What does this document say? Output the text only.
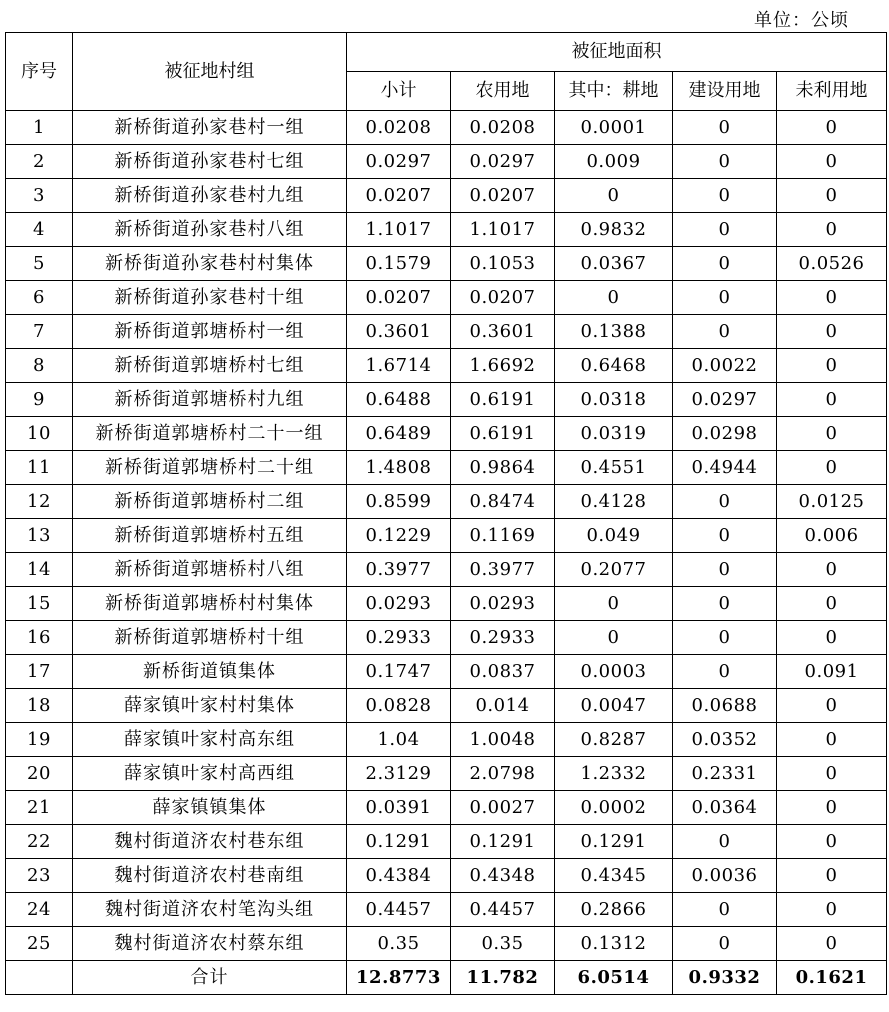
单位：公顷
序号	被征地村组	被征地面积				
		小计	农用地	其中：耕地	建设用地	未利用地
1	新桥街道孙家巷村一组	0.0208	0.0208	0.0001	0	0
2	新桥街道孙家巷村七组	0.0297	0.0297	0.009	0	0
3	新桥街道孙家巷村九组	0.0207	0.0207	0	0	0
4	新桥街道孙家巷村八组	1.1017	1.1017	0.9832	0	0
5	新桥街道孙家巷村村集体	0.1579	0.1053	0.0367	0	0.0526
6	新桥街道孙家巷村十组	0.0207	0.0207	0	0	0
7	新桥街道郭塘桥村一组	0.3601	0.3601	0.1388	0	0
8	新桥街道郭塘桥村七组	1.6714	1.6692	0.6468	0.0022	0
9	新桥街道郭塘桥村九组	0.6488	0.6191	0.0318	0.0297	0
10	新桥街道郭塘桥村二十一组	0.6489	0.6191	0.0319	0.0298	0
11	新桥街道郭塘桥村二十组	1.4808	0.9864	0.4551	0.4944	0
12	新桥街道郭塘桥村二组	0.8599	0.8474	0.4128	0	0.0125
13	新桥街道郭塘桥村五组	0.1229	0.1169	0.049	0	0.006
14	新桥街道郭塘桥村八组	0.3977	0.3977	0.2077	0	0
15	新桥街道郭塘桥村村集体	0.0293	0.0293	0	0	0
16	新桥街道郭塘桥村十组	0.2933	0.2933	0	0	0
17	新桥街道镇集体	0.1747	0.0837	0.0003	0	0.091
18	薛家镇叶家村村集体	0.0828	0.014	0.0047	0.0688	0
19	薛家镇叶家村高东组	1.04	1.0048	0.8287	0.0352	0
20	薛家镇叶家村高西组	2.3129	2.0798	1.2332	0.2331	0
21	薛家镇镇集体	0.0391	0.0027	0.0002	0.0364	0
22	魏村街道济农村巷东组	0.1291	0.1291	0.1291	0	0
23	魏村街道济农村巷南组	0.4384	0.4348	0.4345	0.0036	0
24	魏村街道济农村笔沟头组	0.4457	0.4457	0.2866	0	0
25	魏村街道济农村蔡东组	0.35	0.35	0.1312	0	0
	合计	12.8773	11.782	6.0514	0.9332	0.1621
